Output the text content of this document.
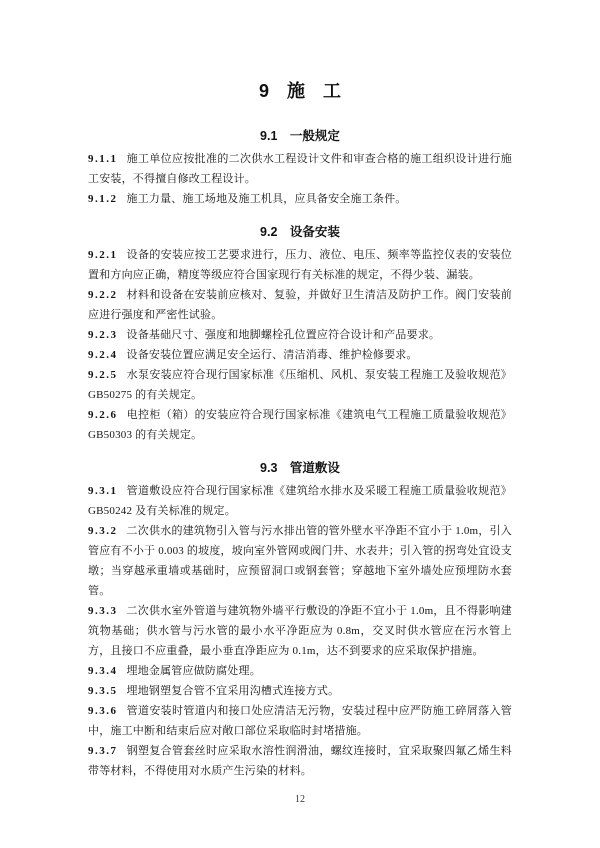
9　施　工
9.1　一般规定

9.1.1 施工单位应按批准的二次供水工程设计文件和审查合格的施工组织设计进行施工安装，不得擅自修改工程设计。

9.1.2 施工力量、施工场地及施工机具，应具备安全施工条件。

9.2　设备安装

9.2.1 设备的安装应按工艺要求进行，压力、液位、电压、频率等监控仪表的安装位置和方向应正确，精度等级应符合国家现行有关标准的规定，不得少装、漏装。

9.2.2 材料和设备在安装前应核对、复验，并做好卫生清洁及防护工作。阀门安装前应进行强度和严密性试验。

9.2.3 设备基础尺寸、强度和地脚螺栓孔位置应符合设计和产品要求。

9.2.4 设备安装位置应满足安全运行、清洁消毒、维护检修要求。

9.2.5 水泵安装应符合现行国家标准《压缩机、风机、泵安装工程施工及验收规范》GB50275 的有关规定。

9.2.6 电控柜（箱）的安装应符合现行国家标准《建筑电气工程施工质量验收规范》GB50303 的有关规定。

9.3　管道敷设

9.3.1 管道敷设应符合现行国家标准《建筑给水排水及采暖工程施工质量验收规范》GB50242 及有关标准的规定。

9.3.2 二次供水的建筑物引入管与污水排出管的管外壁水平净距不宜小于 1.0m，引入管应有不小于 0.003 的坡度，坡向室外管网或阀门井、水表井；引入管的拐弯处宜设支墩；当穿越承重墙或基础时，应预留洞口或钢套管；穿越地下室外墙处应预埋防水套管。

9.3.3 二次供水室外管道与建筑物外墙平行敷设的净距不宜小于 1.0m，且不得影响建筑物基础；供水管与污水管的最小水平净距应为 0.8m，交叉时供水管应在污水管上方，且接口不应重叠，最小垂直净距应为 0.1m，达不到要求的应采取保护措施。

9.3.4 埋地金属管应做防腐处理。

9.3.5 埋地钢塑复合管不宜采用沟槽式连接方式。

9.3.6 管道安装时管道内和接口处应清洁无污物，安装过程中应严防施工碎屑落入管中，施工中断和结束后应对敞口部位采取临时封堵措施。

9.3.7 钢塑复合管套丝时应采取水溶性润滑油，螺纹连接时，宜采取聚四氟乙烯生料带等材料，不得使用对水质产生污染的材料。

12
